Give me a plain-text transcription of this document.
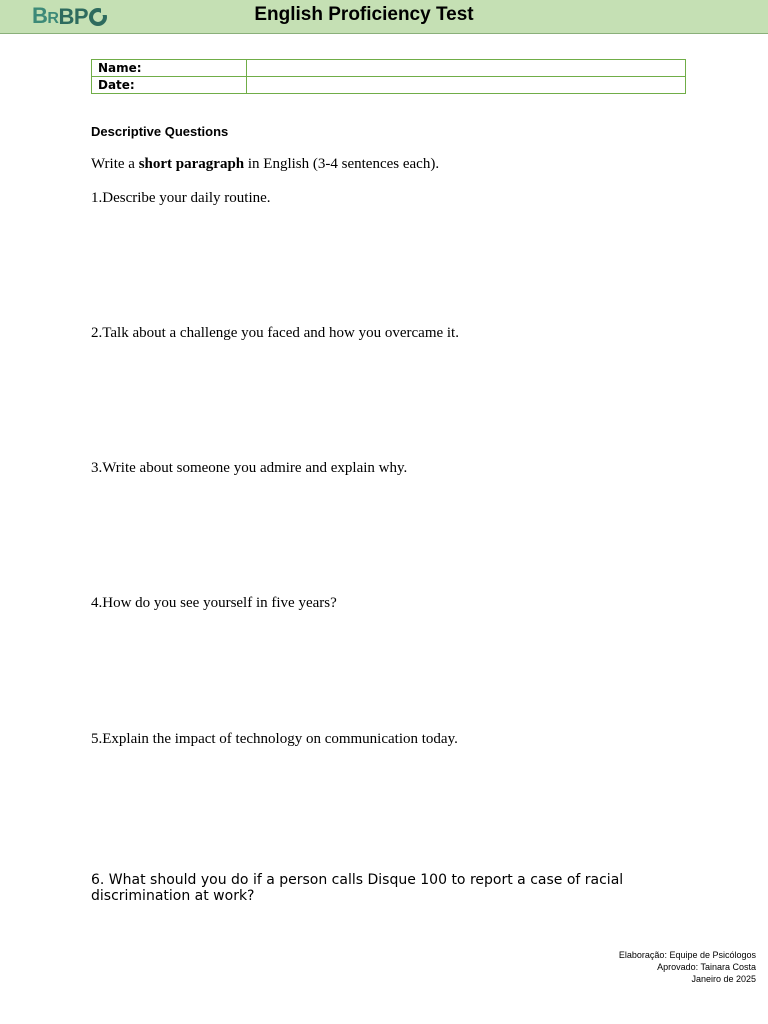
BR BP	English Proficiency Test
Name:	
Date:	
Descriptive Questions
Write a short paragraph in English (3-4 sentences each).
1.Describe your daily routine.
2.Talk about a challenge you faced and how you overcame it.
3.Write about someone you admire and explain why.
4.How do you see yourself in five years?
5.Explain the impact of technology on communication today.
6. What should you do if a person calls Disque 100 to report a case of racial discrimination at work?
Elaboração: Equipe de Psicólogos
Aprovado: Tainara Costa
Janeiro de 2025
